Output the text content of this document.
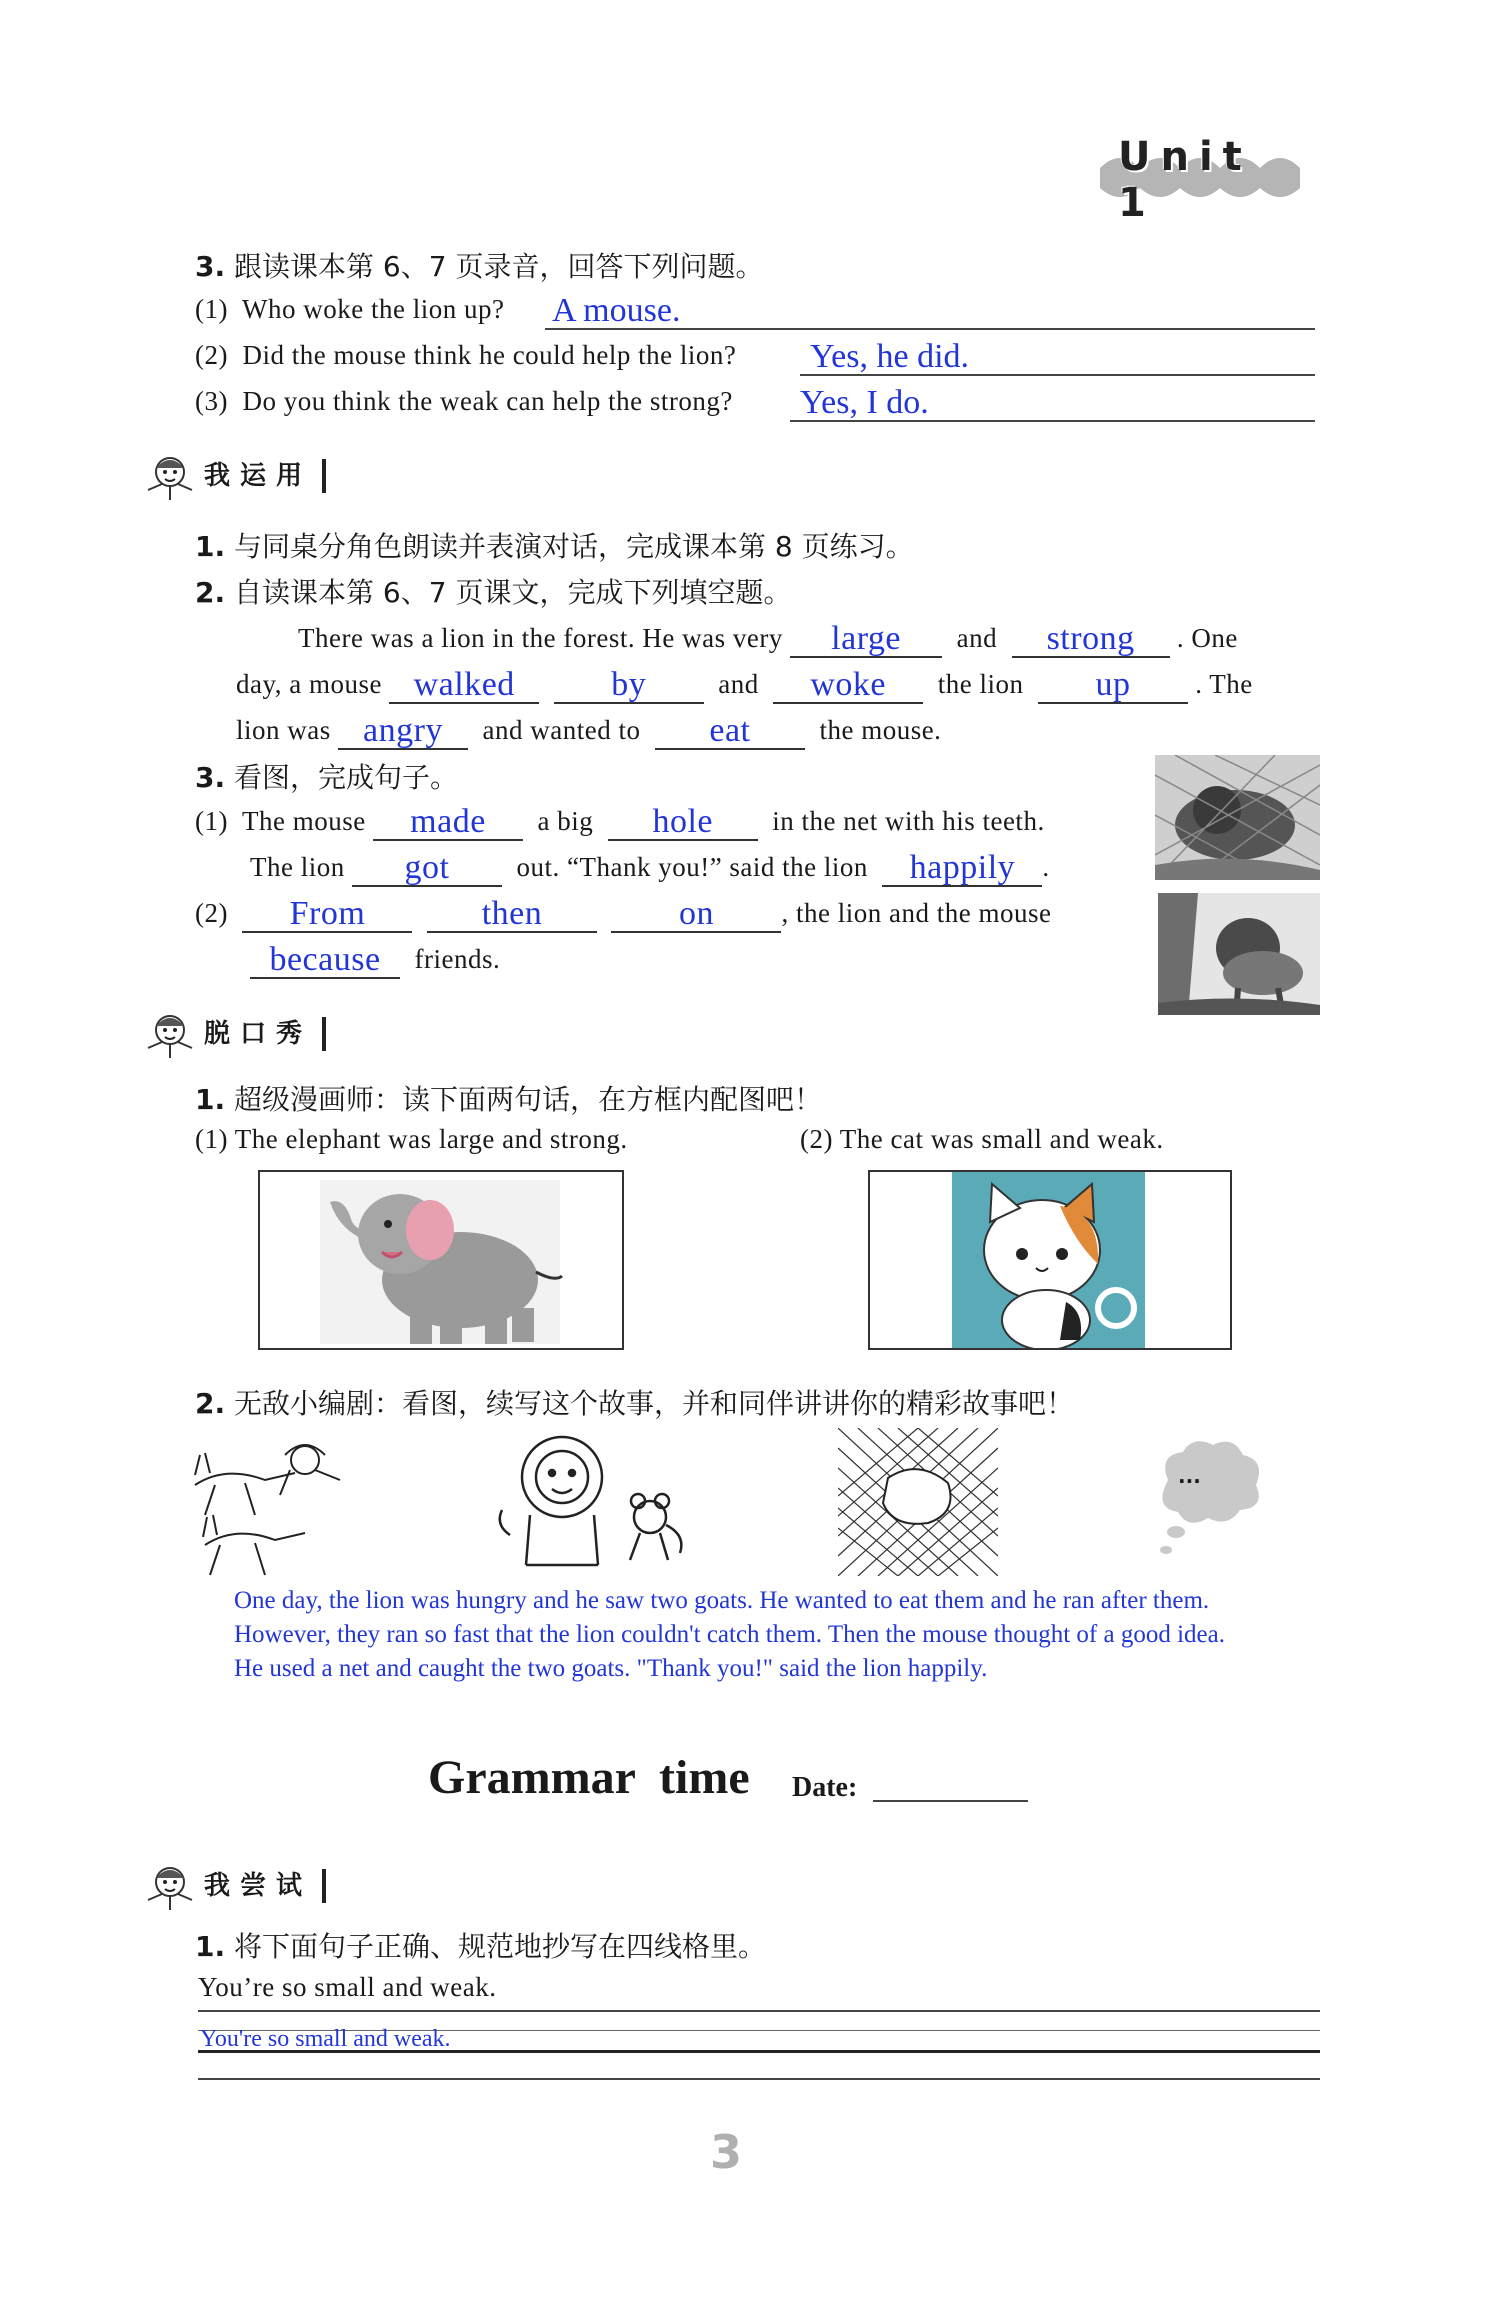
Unit 1
3. 跟读课本第 6、7 页录音，回答下列问题。
(1) Who woke the lion up? A mouse.
(2) Did the mouse think he could help the lion? Yes, he did.
(3) Do you think the weak can help the strong? Yes, I do.
我运用
1. 与同桌分角色朗读并表演对话，完成课本第 8 页练习。
2. 自读课本第 6、7 页课文，完成下列填空题。
There was a lion in the forest. He was very large and strong . One
day, a mouse walked	by	and woke the lion up . The
lion was angry and wanted to eat	the mouse.
3. 看图，完成句子。
(1) The mouse made a big hole in the net with his teeth.
The lion got out. “Thank you!” said the lion happily .
(2) From	then	on	, the lion and the mouse
because friends.
脱口秀
1. 超级漫画师：读下面两句话，在方框内配图吧！
(1) The elephant was large and strong.	(2) The cat was small and weak.
2. 无敌小编剧：看图，续写这个故事，并和同伴讲讲你的精彩故事吧！
...
One day, the lion was hungry and he saw two goats. He wanted to eat them and he ran after them.
However, they ran so fast that the lion couldn't catch them. Then the mouse thought of a good idea.
He used a net and caught the two goats. "Thank you!" said the lion happily.
Grammar  time Date:
我尝试
1. 将下面句子正确、规范地抄写在四线格里。
You’re so small and weak.
You're so small and weak.
3
